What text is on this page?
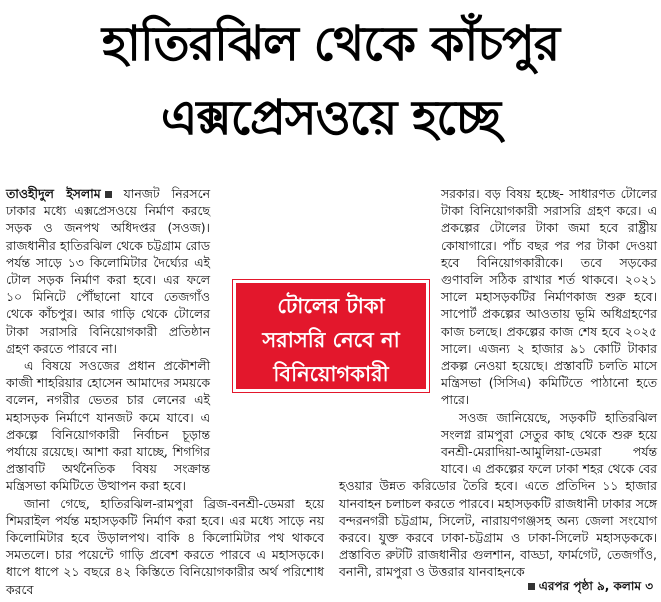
হাতিরঝিল থেকে কাঁচপুর
এক্সপ্রেসওয়ে হচ্ছে

তাওহীদুল ইসলাম যানজট নিরসনে ঢাকার মধ্যে এক্সপ্রেসওয়ে নির্মাণ করছে সড়ক ও জনপথ অধিদপ্তর (সওজ)। রাজধানীর হাতিরঝিল থেকে চট্টগ্রাম রোড পর্যন্ত সাড়ে ১৩ কিলোমিটার দৈর্ঘ্যের এই টোল সড়ক নির্মাণ করা হবে। এর ফলে ১০ মিনিটে পৌঁছানো যাবে তেজগাঁও থেকে কাঁচপুর। আর গাড়ি থেকে টোলের টাকা সরাসরি বিনিয়োগকারী প্রতিষ্ঠান গ্রহণ করতে পারবে না।

এ বিষয়ে সওজের প্রধান প্রকৌশলী কাজী শাহরিয়ার হোসেন আমাদের সময়কে বলেন, নগরীর ভেতর চার লেনের এই মহাসড়ক নির্মাণে যানজট কমে যাবে। এ প্রকল্পে বিনিয়োগকারী নির্বাচন চূড়ান্ত পর্যায়ে রয়েছে। আশা করা যাচ্ছে, শিগগির প্রস্তাবটি অর্থনৈতিক বিষয় সংক্রান্ত মন্ত্রিসভা কমিটিতে উত্থাপন করা হবে।

জানা গেছে, হাতিরঝিল-রামপুরা ব্রিজ-বনশ্রী-ডেমরা হয়ে শিমরাইল পর্যন্ত মহাসড়কটি নির্মাণ করা হবে। এর মধ্যে সাড়ে নয় কিলোমিটার হবে উড়ালপথ। বাকি ৪ কিলোমিটার পথ থাকবে সমতলে। চার পয়েন্টে গাড়ি প্রবেশ করতে পারবে এ মহাসড়কে। ধাপে ধাপে ২১ বছরে ৪২ কিস্তিতে বিনিয়োগকারীর অর্থ পরিশোধ করবে

সরকার। বড় বিষয় হচ্ছে- সাধারণত টোলের টাকা বিনিয়োগকারী সরাসরি গ্রহণ করে। এ প্রকল্পের টোলের টাকা জমা হবে রাষ্ট্রীয় কোষাগারে। পাঁচ বছর পর পর টাকা দেওয়া হবে বিনিয়োগকারীকে। তবে সড়কের গুণাবলি সঠিক রাখার শর্ত থাকবে। ২০২১ সালে মহাসড়কটির নির্মাণকাজ শুরু হবে। সাপোর্ট প্রকল্পের আওতায় ভূমি অধিগ্রহণের কাজ চলছে। প্রকল্পের কাজ শেষ হবে ২০২৫ সালে। এজন্য ২ হাজার ৯১ কোটি টাকার প্রকল্প নেওয়া হয়েছে। প্রস্তাবটি চলতি মাসে মন্ত্রিসভা (সিসিএ) কমিটিতে পাঠানো হতে পারে।

সওজ জানিয়েছে, সড়কটি হাতিরঝিল সংলগ্ন রামপুরা সেতুর কাছ থেকে শুরু হয়ে বনশ্রী-মেরাদিয়া-আমুলিয়া-ডেমরা পর্যন্ত যাবে। এ প্রকল্পের ফলে ঢাকা শহর থেকে বের হওয়ার উন্নত করিডোর তৈরি হবে। এতে প্রতিদিন ১১ হাজার যানবাহন চলাচল করতে পারবে। মহাসড়কটি রাজধানী ঢাকার সঙ্গে বন্দরনগরী চট্টগ্রাম, সিলেট, নারায়ণগঞ্জসহ অন্য জেলা সংযোগ করবে। যুক্ত করবে ঢাকা-চট্টগ্রাম ও ঢাকা-সিলেট মহাসড়ককে। প্রস্তাবিত রুটটি রাজধানীর গুলশান, বাড্ডা, ফার্মগেট, তেজগাঁও, বনানী, রামপুরা ও উত্তরার যানবাহনকে

টোলের টাকা
সরাসরি নেবে না
বিনিয়োগকারী
এরপর পৃষ্ঠা ৯, কলাম ৩
